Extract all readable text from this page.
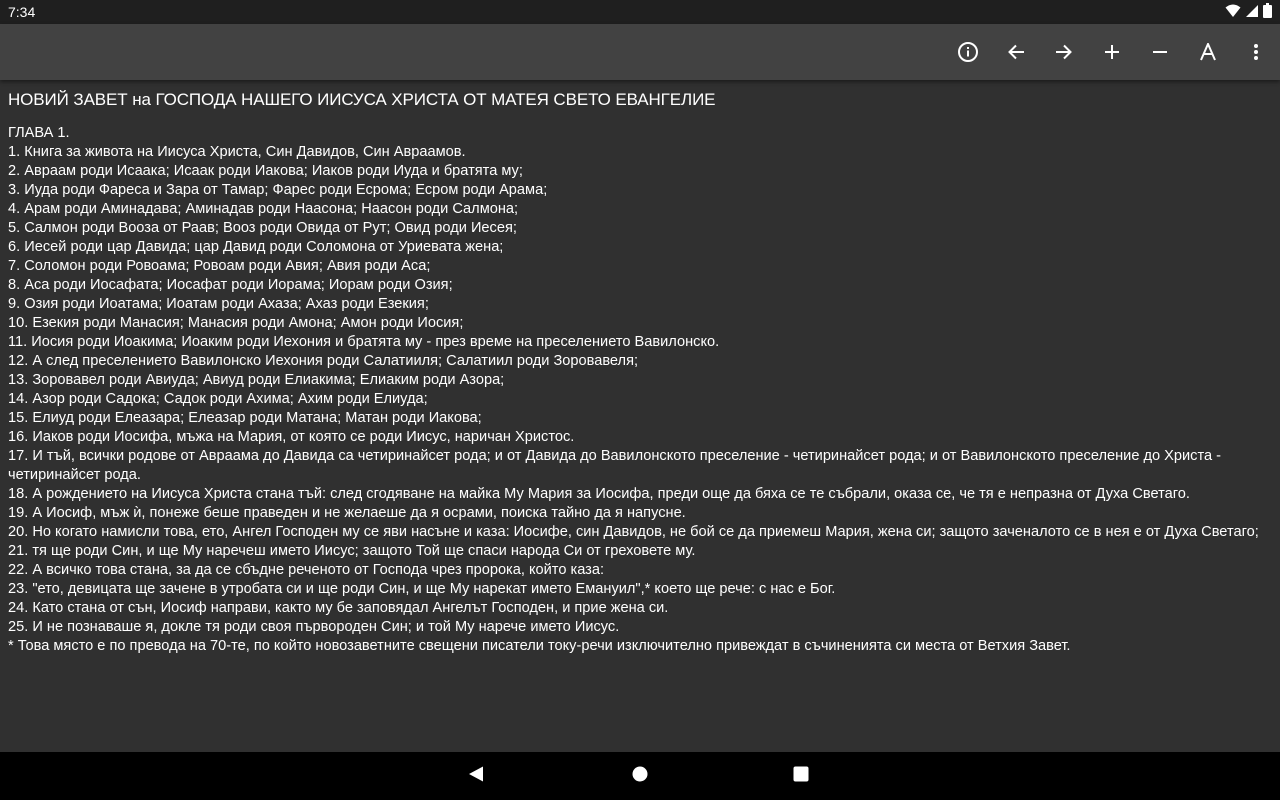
7:34
НОВИЙ ЗАВЕТ на ГОСПОДА НАШЕГО ИИСУСА ХРИСТА ОТ МАТЕЯ СВЕТО ЕВАНГЕЛИЕ
ГЛАВА 1.
1. Книга за живота на Иисуса Христа, Син Давидов, Син Авраамов.
2. Авраам роди Исаака; Исаак роди Иакова; Иаков роди Иуда и братята му;
3. Иуда роди Фареса и Зара от Тамар; Фарес роди Есрома; Есром роди Арама;
4. Арам роди Аминадава; Аминадав роди Наасона; Наасон роди Салмона;
5. Салмон роди Вооза от Раав; Вооз роди Овида от Рут; Овид роди Иесея;
6. Иесей роди цар Давида; цар Давид роди Соломона от Уриевата жена;
7. Соломон роди Ровоама; Ровоам роди Авия; Авия роди Аса;
8. Аса роди Иосафата; Иосафат роди Иорама; Иорам роди Озия;
9. Озия роди Иоатама; Иоатам роди Ахаза; Ахаз роди Езекия;
10. Езекия роди Манасия; Манасия роди Амона; Амон роди Иосия;
11. Иосия роди Иоакима; Иоаким роди Иехония и братята му - през време на преселението Вавилонско.
12. А след преселението Вавилонско Иехония роди Салатииля; Салатиил роди Зоровавеля;
13. Зоровавел роди Авиуда; Авиуд роди Елиакима; Елиаким роди Азора;
14. Азор роди Садока; Садок роди Ахима; Ахим роди Елиуда;
15. Елиуд роди Елеазара; Елеазар роди Матана; Матан роди Иакова;
16. Иаков роди Иосифа, мъжа на Мария, от която се роди Иисус, наричан Христос.
17. И тъй, всички родове от Авраама до Давида са четиринайсет рода; и от Давида до Вавилонското преселение - четиринайсет рода; и от Вавилонското преселение до Христа - четиринайсет рода.
18. А рождението на Иисуса Христа стана тъй: след сгодяване на майка Му Мария за Иосифа, преди още да бяха се те събрали, оказа се, че тя е непразна от Духа Светаго.
19. А Иосиф, мъж ѝ, понеже беше праведен и не желаеше да я осрами, поиска тайно да я напусне.
20. Но когато намисли това, ето, Ангел Господен му се яви насъне и каза: Иосифе, син Давидов, не бой се да приемеш Мария, жена си; защото заченалото се в нея е от Духа Светаго;
21. тя ще роди Син, и ще Му наречеш името Иисус; защото Той ще спаси народа Си от греховете му.
22. А всичко това стана, за да се сбъдне реченото от Господа чрез пророка, който каза:
23. "ето, девицата ще зачене в утробата си и ще роди Син, и ще Му нарекат името Емануил",* което ще рече: с нас е Бог.
24. Като стана от сън, Иосиф направи, както му бе заповядал Ангелът Господен, и прие жена си.
25. И не познаваше я, докле тя роди своя първороден Син; и той Му нарече името Иисус.
* Това място е по превода на 70-те, по който новозаветните свещени писатели току-речи изключително привеждат в съчиненията си места от Ветхия Завет.
